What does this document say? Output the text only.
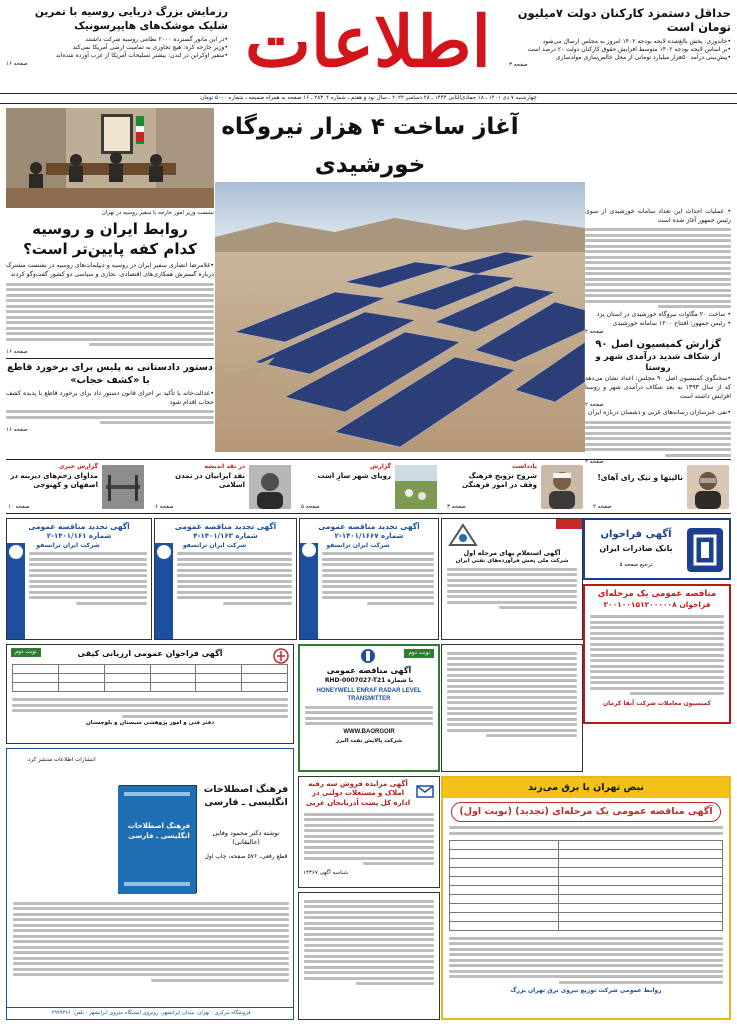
حداقل دستمزد کارکنان دولت ۷میلیون تومان است
•خاندوزی: بخش بالغ‌شده لایحه بودجه ۱۴۰۲ امروز به مجلس ارسال می‌شود
•بر اساس لایحه بودجه ۱۴۰۲ متوسط افزایش حقوق کارکنان دولت ۲۰ درصد است
•پیش‌بینی درآمد ۵۰هزار میلیارد تومانی از محل خالص‌سازی مولدسازی
صفحه ۳
اطلاعات
رزمایش بزرگ دریایی روسیه با تمرین شلیک موشک‌های هایپرسونیک
•در این مانور گسترده ۲۰۰۰ نظامی روسیه شرکت داشتند
•وزیر خارجه کره: هیچ تجاوزی به تمامیت ارضی آمریکا نمی‌کند
•سفیر اوکراین در لندن: بیشتر تسلیحات آمریکا از غرب آورده شده‌اند
صفحه ۱۶
چهارشنبه ۷ دی ۱۴۰۱ ـ ۱۸ جمادی‌الثانی ۱۴۴۴ ـ ۲۸ دسامبر ۲۰۲۲ ـ سال نود و هفتم ـ شماره ۲۸۳۰۴ ـ ۱۶ صفحه به همراه ضمیمه ـ شماره ۵۰۰۰ تومان
آغاز ساخت ۴ هزار نیروگاه خورشیدی
نشست وزیر امور خارجه با سفیر روسیه در تهران
روابط ایران و روسیه
کدام کفه پایین‌تر است؟
•غلامرضا انصاری سفیر ایران در روسیه و دیپلمات‌های روسیه در نشست مشترک درباره گسترش همکاری‌های اقتصادی، تجاری و سیاسی دو کشور گفت‌وگو کردند
صفحه ۱۶
دستور دادستانی به پلیس برای برخورد قاطع با «کشف حجاب»
•عدالت‌خانه با تأکید بر اجرای قانون دستور داد برای برخورد قاطع با پدیده کشف حجاب اقدام شود
صفحه ۱۶
• عملیات احداث این تعداد سامانه خورشیدی از سوی رئیس جمهور آغاز شده است
• ساخت ۲۰ مگاوات نیروگاه خورشیدی در استان یزد
• رئیس جمهور: افتتاح ۱۲۰۰ سامانه خورشیدی
صفحه ۲
گزارش کمیسیون اصل ۹۰
از شکاف شدید درآمدی شهر و روستا
•سخنگوی کمیسیون اصل ۹۰ مجلس: اعداد نشان می‌دهد که از سال ۱۳۹۳ به بعد شکاف درآمدی شهر و روستا افزایش داشته است
صفحه ۲
•نفی خبرسازان رسانه‌های غربی و دشمنان درباره ایران
صفحه ۲
نالیتها و تیک رای آهای!
صفحه ۲
یادداشت
شروح ترویج فرهنگ وقف در امور فرهنگی
صفحه ۳
گزارش
رویای شهر سازِ است
صفحه ۵
در نقد اندیشه
نقد ایرانیان در تمدن اسلامی
صفحه ۶
گزارش خبری
مداوای زخم‌های دیرینه در اصفهان و کهنوجی
صفحه ۱۰
آگهی فراخوان
بانک صادرات ایران
ترجیع صفحه ۵
مناقصه عمومی یک مرحله‌ای
فراخوان ۲۰۰۱۰۰۱۵۱۲۰۰۰۰۰۸
کمیسیون معاملات شرکت آبفا کرمان
آگهی استعلام بهای مرحله اول
شرکت ملی پخش فرآورده‌های نفتی ایران
آگهی تجدید مناقصه عمومی
شماره ۱۴۰۱/۱۶۶۷-۲
شرکت ایران ترانسفو
آگهی تجدید مناقصه عمومی
شماره ۱۴۰۱/۱۶۳-۴
شرکت ایران ترانسفو
آگهی تجدید مناقصه عمومی
شماره ۱۴۰۱/۱۶۱-۲
شرکت ایران ترانسفو
نوبت دوم	آگهی فراخوان عمومی ارزیابی کیفی

دفتر فنی و امور پژوهشی سیستان و بلوچستان
نوبت دوم
آگهی مناقصه عمومی
با شماره RHD-0007027-T21
HONEYWELL ENRAF RADAR LEVEL TRANSMITTER
WWW.BAORGOIR
شرکت پالایش نفت البرز
آگهی مزایده فروش سه رقبه املاک و مستغلات دولتی در اداره کل پست آذربایجان غربی
شناسه آگهی ۱۴۳۶۷
نبض تهران با برق می‌زند
آگهی مناقصه عمومی یک مرحله‌ای (تجدید) (نوبت اول)

روابط عمومی شرکت توزیع نیروی برق تهران بزرگ
فرهنگ اصطلاحات انگلیسی ـ فارسی
انتشارات اطلاعات منتشر کرد:
فرهنگ اصطلاحات انگلیسی ـ فارسی
نوشته دکتر محمود وفایی (خالیقانی)
قطع رقعی، ۵۷۶ صفحه، چاپ اول
فروشگاه مرکزی : تهران، میدان ایرانشهر، روبروی ایستگاه متروی ایرانشهر - تلفن: ۲۹۹۹۳۶۶
